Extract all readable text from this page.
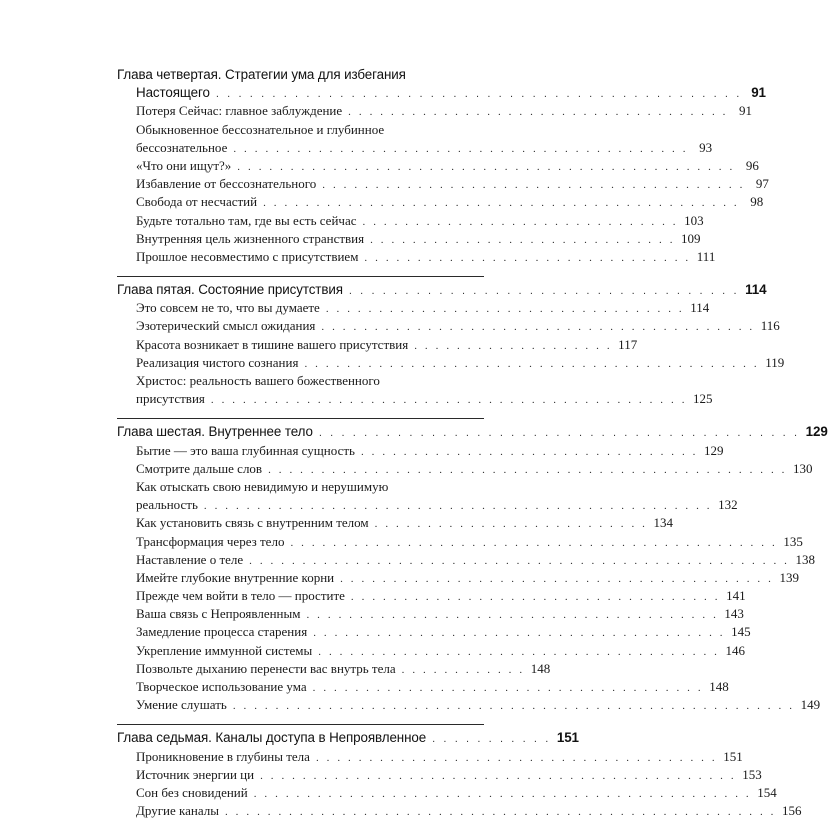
Глава четвертая. Стратегии ума для избегания
Настоящего . . . . . . . . . . . . . . . . . . . . . . . . . . . . . . . . . . . . . . . . . . . . . . . 91
Потеря Сейчас: главное заблуждение . . . . . . . . . . . . . . . . . . . . . . . . . . . . . . . . . . . . 91
Обыкновенное бессознательное и глубинное
бессознательное . . . . . . . . . . . . . . . . . . . . . . . . . . . . . . . . . . . . . . . . . . . 93
«Что они ищут?» . . . . . . . . . . . . . . . . . . . . . . . . . . . . . . . . . . . . . . . . . . . . . . . 96
Избавление от бессознательного . . . . . . . . . . . . . . . . . . . . . . . . . . . . . . . . . . . . . . . . 97
Свобода от несчастий . . . . . . . . . . . . . . . . . . . . . . . . . . . . . . . . . . . . . . . . . . . . . 98
Будьте тотально там, где вы есть сейчас . . . . . . . . . . . . . . . . . . . . . . . . . . . . . . 103
Внутренняя цель жизненного странствия . . . . . . . . . . . . . . . . . . . . . . . . . . . . . 109
Прошлое несовместимо с присутствием . . . . . . . . . . . . . . . . . . . . . . . . . . . . . . . 111
Глава пятая. Состояние присутствия . . . . . . . . . . . . . . . . . . . . . . . . . . . . . . . . . . . 114
Это совсем не то, что вы думаете . . . . . . . . . . . . . . . . . . . . . . . . . . . . . . . . . . 114
Эзотерический смысл ожидания . . . . . . . . . . . . . . . . . . . . . . . . . . . . . . . . . . . . . . . . . 116
Красота возникает в тишине вашего присутствия . . . . . . . . . . . . . . . . . . . 117
Реализация чистого сознания . . . . . . . . . . . . . . . . . . . . . . . . . . . . . . . . . . . . . . . . . . . 119
Христос: реальность вашего божественного
присутствия . . . . . . . . . . . . . . . . . . . . . . . . . . . . . . . . . . . . . . . . . . . . . 125
Глава шестая. Внутреннее тело . . . . . . . . . . . . . . . . . . . . . . . . . . . . . . . . . . . . . . . . . . . 129
Бытие — это ваша глубинная сущность . . . . . . . . . . . . . . . . . . . . . . . . . . . . . . . . 129
Смотрите дальше слов . . . . . . . . . . . . . . . . . . . . . . . . . . . . . . . . . . . . . . . . . . . . . . . . . 130
Как отыскать свою невидимую и нерушимую
реальность . . . . . . . . . . . . . . . . . . . . . . . . . . . . . . . . . . . . . . . . . . . . . . . . 132
Как установить связь с внутренним телом . . . . . . . . . . . . . . . . . . . . . . . . . . 134
Трансформация через тело . . . . . . . . . . . . . . . . . . . . . . . . . . . . . . . . . . . . . . . . . . . . . . 135
Наставление о теле . . . . . . . . . . . . . . . . . . . . . . . . . . . . . . . . . . . . . . . . . . . . . . . . . . . 138
Имейте глубокие внутренние корни . . . . . . . . . . . . . . . . . . . . . . . . . . . . . . . . . . . . . . . . . 139
Прежде чем войти в тело — простите . . . . . . . . . . . . . . . . . . . . . . . . . . . . . . . . . . . 141
Ваша связь с Непроявленным . . . . . . . . . . . . . . . . . . . . . . . . . . . . . . . . . . . . . . . 143
Замедление процесса старения . . . . . . . . . . . . . . . . . . . . . . . . . . . . . . . . . . . . . . . 145
Укрепление иммунной системы . . . . . . . . . . . . . . . . . . . . . . . . . . . . . . . . . . . . . . 146
Позвольте дыханию перенести вас внутрь тела . . . . . . . . . . . . 148
Творческое использование ума . . . . . . . . . . . . . . . . . . . . . . . . . . . . . . . . . . . . . 148
Умение слушать . . . . . . . . . . . . . . . . . . . . . . . . . . . . . . . . . . . . . . . . . . . . . . . . . . . . . 149
Глава седьмая. Каналы доступа в Непроявленное . . . . . . . . . . . 151
Проникновение в глубины тела . . . . . . . . . . . . . . . . . . . . . . . . . . . . . . . . . . . . . . 151
Источник энергии ци . . . . . . . . . . . . . . . . . . . . . . . . . . . . . . . . . . . . . . . . . . . . . 153
Сон без сновидений . . . . . . . . . . . . . . . . . . . . . . . . . . . . . . . . . . . . . . . . . . . . . . . 154
Другие каналы . . . . . . . . . . . . . . . . . . . . . . . . . . . . . . . . . . . . . . . . . . . . . . . . . . . . 156
